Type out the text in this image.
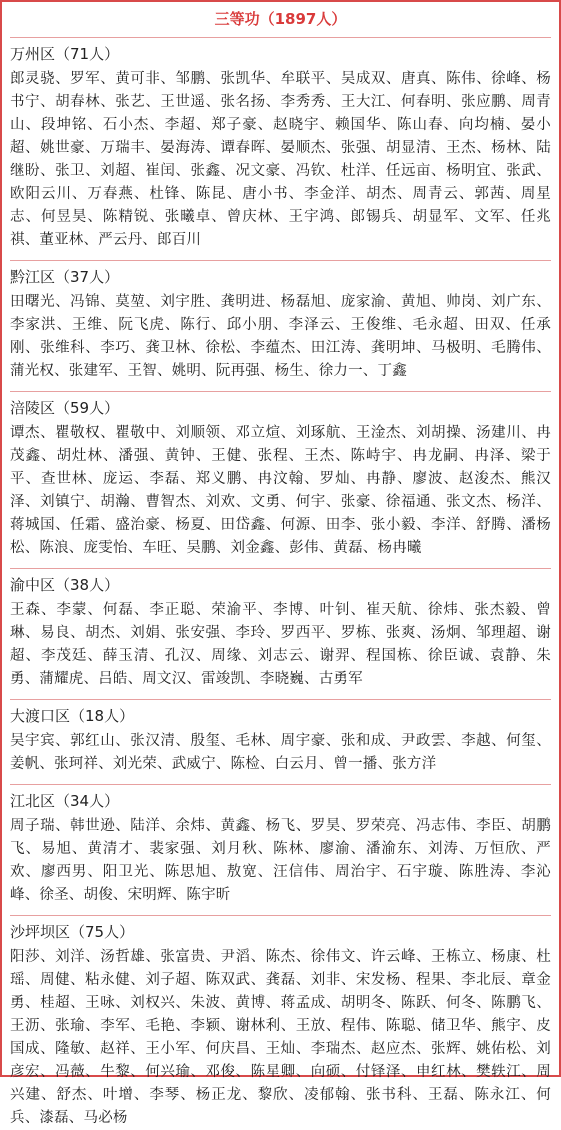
三等功（1897人）
万州区（71人）
郎灵骁、罗军、黄可非、邹鹏、张凯华、牟联平、吴成双、唐真、陈伟、徐峰、杨书宁、胡春林、张艺、王世遥、张名扬、李秀秀、王大江、何春明、张应鹏、周青山、段坤铭、石小杰、李超、郑子豪、赵晓宇、赖国华、陈山春、向均楠、晏小超、姚世豪、万瑞丰、晏海涛、谭春晖、晏顺杰、张强、胡显清、王杰、杨林、陆继盼、张卫、刘超、崔闰、张鑫、况文豪、冯钦、杜洋、任远亩、杨明宜、张武、欧阳云川、万春燕、杜锋、陈昆、唐小书、李金洋、胡杰、周青云、郭茜、周星志、何昱昊、陈精锐、张曦卓、曾庆林、王宇鸿、郎锡兵、胡显军、文军、任兆祺、董亚林、严云丹、郎百川
黔江区（37人）
田曙光、冯锦、莫堃、刘宇胜、龚明进、杨磊旭、庞家渝、黄旭、帅岗、刘广东、李家洪、王维、阮飞虎、陈行、邱小朋、李泽云、王俊维、毛永超、田双、任承刚、张维科、李巧、龚卫林、徐松、李蕴杰、田江涛、龚明坤、马极明、毛腾伟、蒲光权、张建军、王智、姚明、阮再强、杨生、徐力一、丁鑫
涪陵区（59人）
谭杰、瞿敬权、瞿敬中、刘顺领、邓立煊、刘琢航、王淦杰、刘胡操、汤建川、冉茂鑫、胡灶林、潘强、黄钟、王健、张程、王杰、陈峙宇、冉龙嗣、冉泽、梁于平、查世林、庞运、李磊、郑义鹏、冉汶翰、罗灿、冉静、廖波、赵浚杰、熊汉泽、刘镇宁、胡瀚、曹智杰、刘欢、文勇、何宇、张豪、徐福通、张文杰、杨洋、蒋城国、任霜、盛治豪、杨夏、田岱鑫、何源、田李、张小毅、李洋、舒腾、潘杨松、陈浪、庞雯怡、车旺、吴鹏、刘金鑫、彭伟、黄磊、杨冉曦
渝中区（38人）
王森、李蒙、何磊、李正聪、荣渝平、李博、叶钊、崔天航、徐炜、张杰毅、曾琳、易良、胡杰、刘娟、张安强、李玲、罗西平、罗栋、张爽、汤炯、邹理超、谢超、李茂廷、薛玉清、孔汉、周缘、刘志云、谢羿、程国栋、徐臣诚、袁静、朱勇、蒲耀虎、吕皓、周文汉、雷竣凯、李晓巍、古勇军
大渡口区（18人）
吴宇宾、郭红山、张汉清、殷玺、毛林、周宇豪、张和成、尹政雲、李越、何玺、姜帆、张珂祥、刘光荣、武威宁、陈检、白云月、曾一播、张方洋
江北区（34人）
周子瑞、韩世逊、陆洋、余炜、黄鑫、杨飞、罗昊、罗荣亮、冯志伟、李臣、胡鹏飞、易旭、黄清才、裴家强、刘月秋、陈林、廖渝、潘渝东、刘涛、万恒欣、严欢、廖西男、阳卫光、陈思旭、敖宽、汪信伟、周治宇、石宇璇、陈胜涛、李沁峰、徐圣、胡俊、宋明辉、陈宇昕
沙坪坝区（75人）
阳莎、刘洋、汤哲雄、张富贵、尹滔、陈杰、徐伟文、许云峰、王栋立、杨康、杜瑶、周健、粘永健、刘子超、陈双武、龚磊、刘非、宋发杨、程果、李北辰、章金勇、桂超、王咏、刘权兴、朱波、黄博、蒋孟成、胡明冬、陈跃、何冬、陈鹏飞、王沥、张瑜、李军、毛艳、李颖、谢林利、王放、程伟、陈聪、储卫华、熊宇、皮国成、隆敏、赵祥、王小军、何庆昌、王灿、李瑞杰、赵应杰、张辉、姚佑松、刘彦宏、冯薇、牛黎、何兴瑜、邓俊、陈星卿、向硕、付铎泽、申红林、樊轶江、周兴建、舒杰、叶增、李琴、杨正龙、黎欣、凌郁翰、张书科、王磊、陈永江、何兵、漆磊、马必杨
